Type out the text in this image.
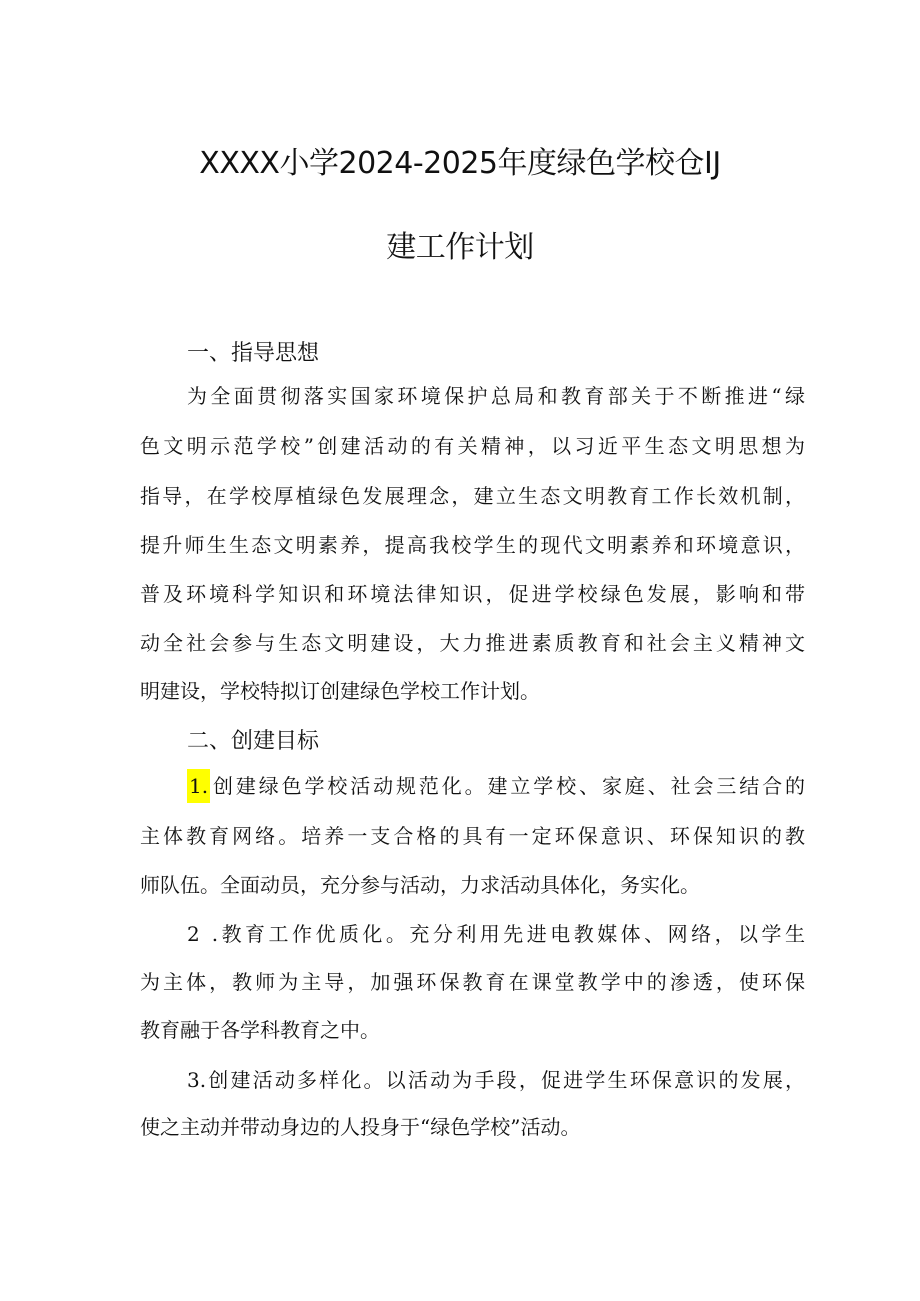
XXXX小学2024-2025年度绿色学校仓IJ
建工作计划
一、指导思想
为全面贯彻落实国家环境保护总局和教育部关于不断推进“绿
色文明示范学校”创建活动的有关精神，以习近平生态文明思想为
指导，在学校厚植绿色发展理念，建立生态文明教育工作长效机制，
提升师生生态文明素养，提高我校学生的现代文明素养和环境意识，
普及环境科学知识和环境法律知识，促进学校绿色发展，影响和带
动全社会参与生态文明建设，大力推进素质教育和社会主义精神文
明建设，学校特拟订创建绿色学校工作计划。
二、创建目标
1. 创建绿色学校活动规范化。建立学校、家庭、社会三结合的
主体教育网络。培养一支合格的具有一定环保意识、环保知识的教
师队伍。全面动员，充分参与活动，力求活动具体化，务实化。
2 .教育工作优质化。充分利用先进电教媒体、网络，以学生
为主体，教师为主导，加强环保教育在课堂教学中的渗透，使环保
教育融于各学科教育之中。
3.创建活动多样化。以活动为手段，促进学生环保意识的发展，
使之主动并带动身边的人投身于“绿色学校”活动。
